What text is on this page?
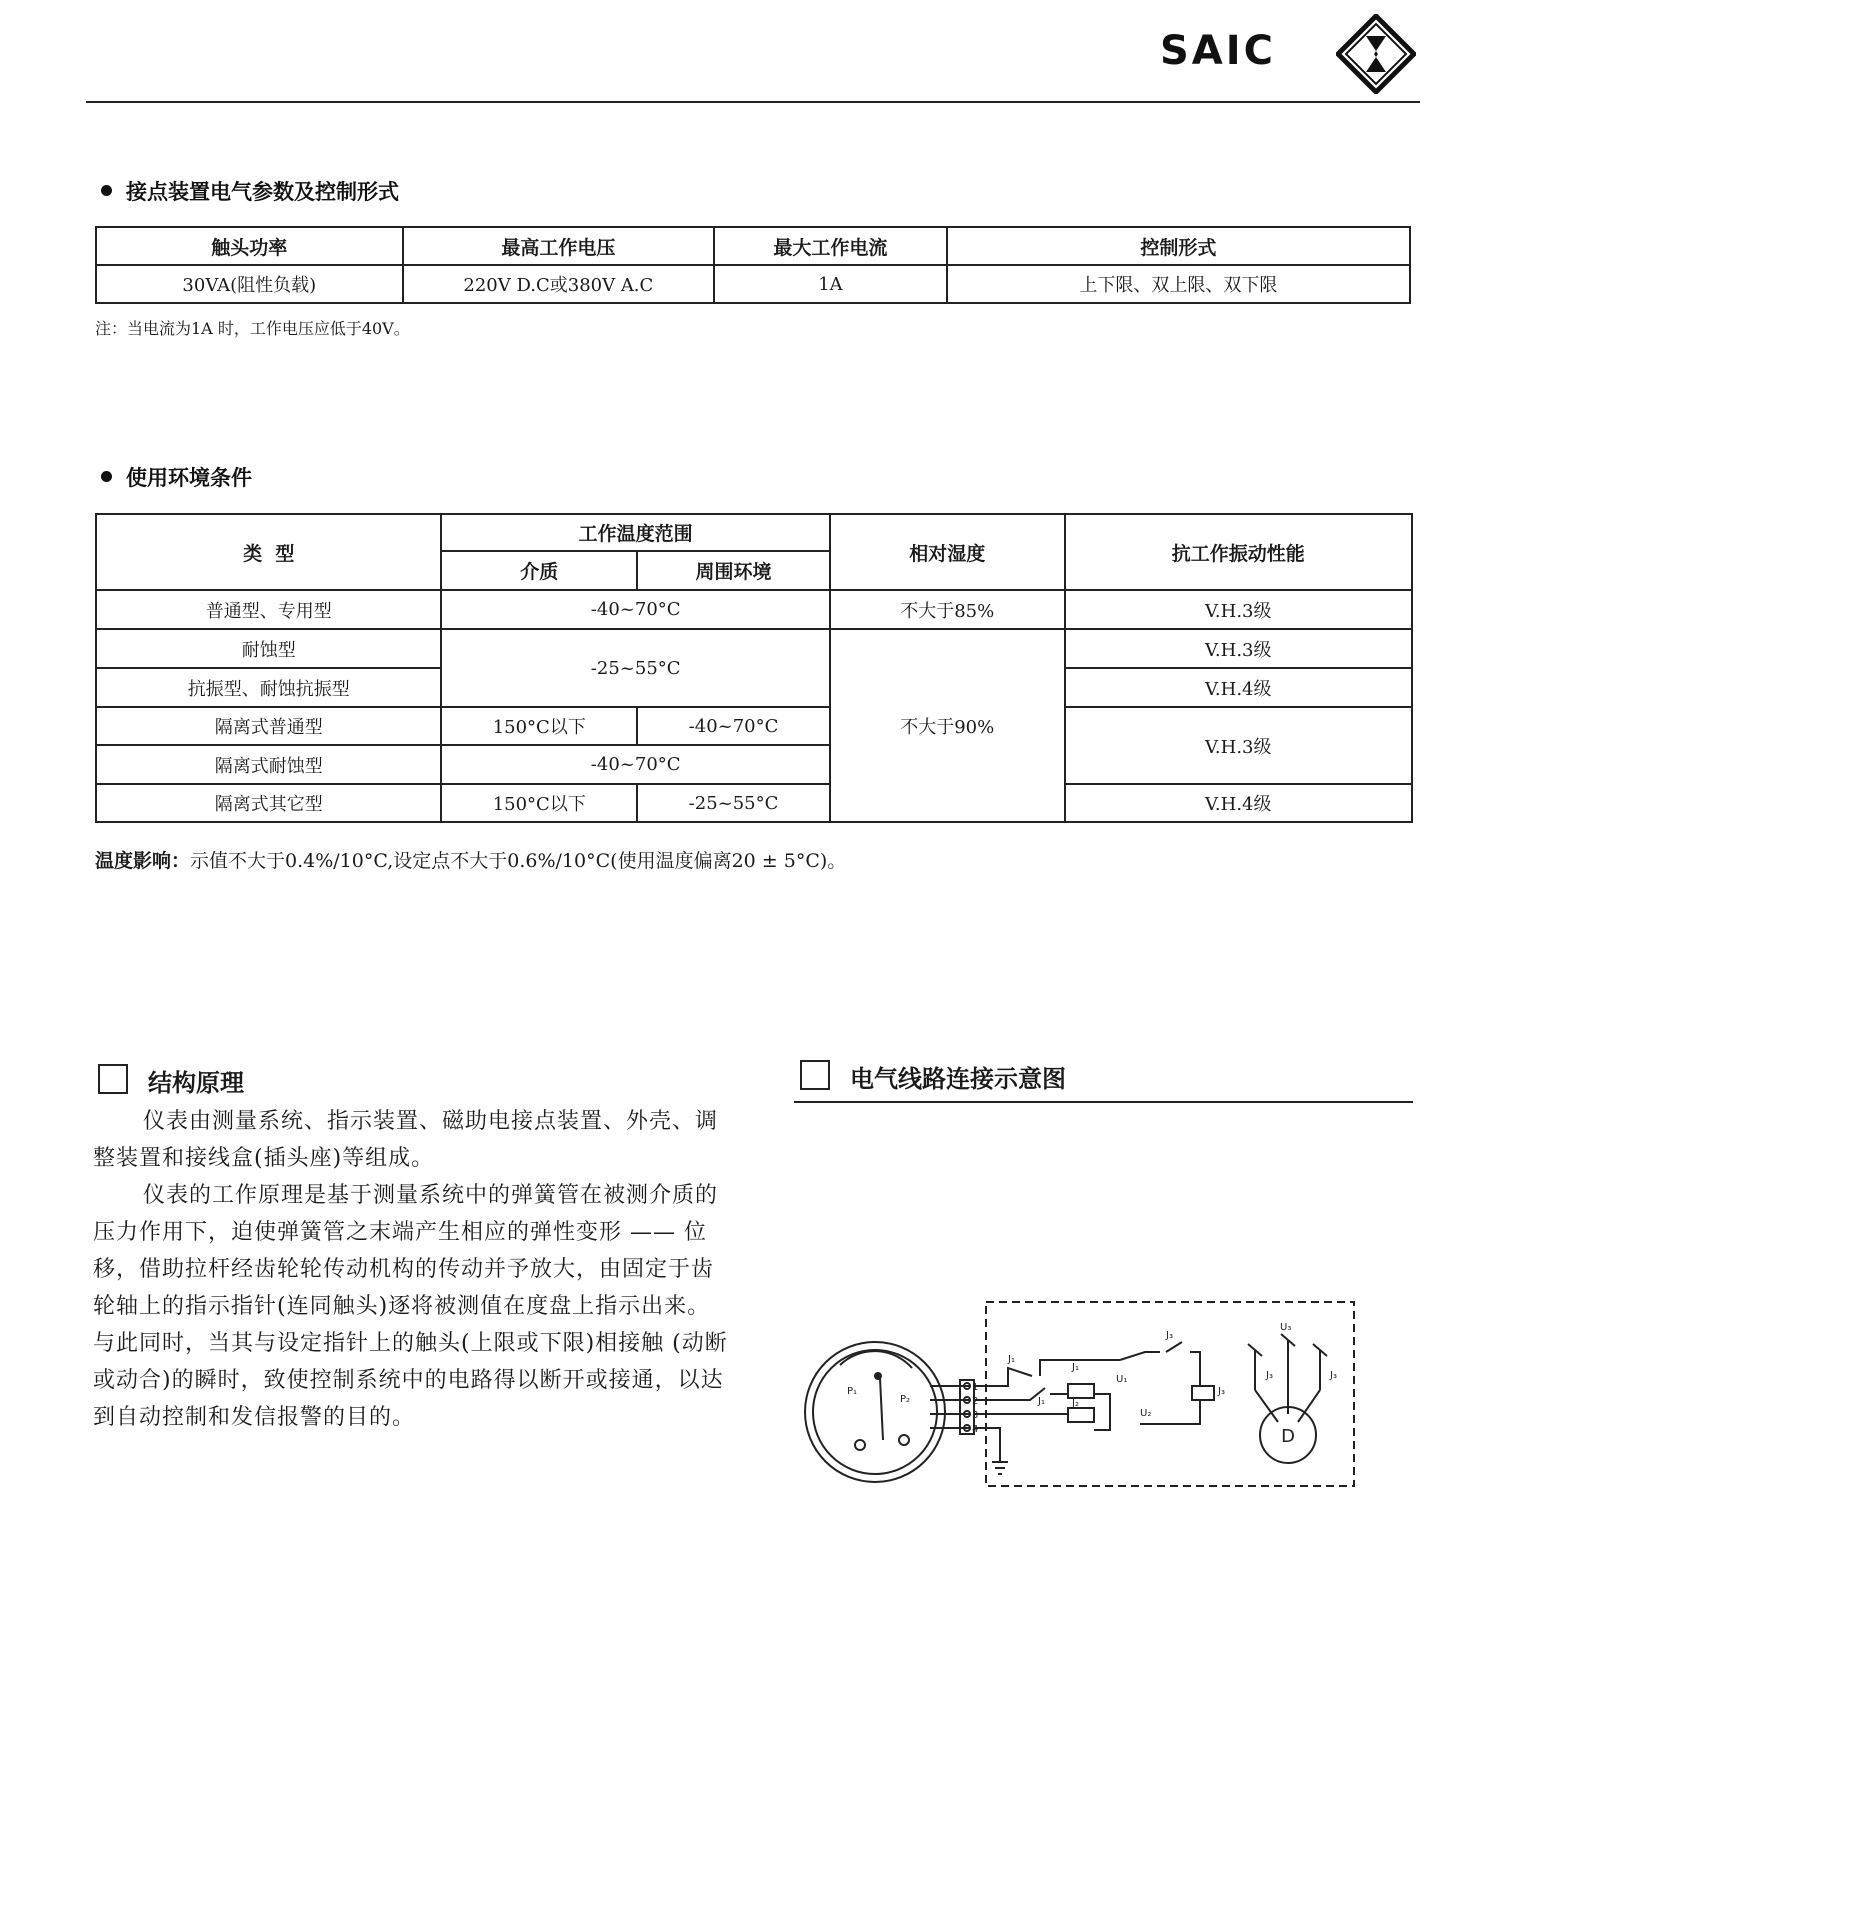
SAIC
接点装置电气参数及控制形式
触头功率	最高工作电压	最大工作电流	控制形式
30VA(阻性负载)	220V D.C或380V A.C	1A	上下限、双上限、双下限
注：当电流为1A 时，工作电压应低于40V。
使用环境条件
类  型	工作温度范围		相对湿度	抗工作振动性能
	介质	周围环境		
普通型、专用型	-40~70°C		不大于85%	V.H.3级
耐蚀型	-25~55°C		不大于90%	V.H.3级
抗振型、耐蚀抗振型				V.H.4级
隔离式普通型	150°C以下	-40~70°C		V.H.3级
隔离式耐蚀型	-40~70°C			
隔离式其它型	150°C以下	-25~55°C		V.H.4级
温度影响：示值不大于0.4%/10°C,设定点不大于0.6%/10°C(使用温度偏离20 ± 5°C)。
结构原理

仪表由测量系统、指示装置、磁助电接点装置、外壳、调整装置和接线盒(插头座)等组成。

仪表的工作原理是基于测量系统中的弹簧管在被测介质的压力作用下，迫使弹簧管之末端产生相应的弹性变形 —— 位移，借助拉杆经齿轮轮传动机构的传动并予放大，由固定于齿轮轴上的指示指针(连同触头)逐将被测值在度盘上指示出来。与此同时，当其与设定指针上的触头(上限或下限)相接触 (动断或动合)的瞬时，致使控制系统中的电路得以断开或接通，以达到自动控制和发信报警的目的。

电气线路连接示意图
P₁
P₂
1
2
3
4
J₁
J₁
J₂
J₁
J₃
U₁
U₂
U₃
J₃
J₃	J₃
D
